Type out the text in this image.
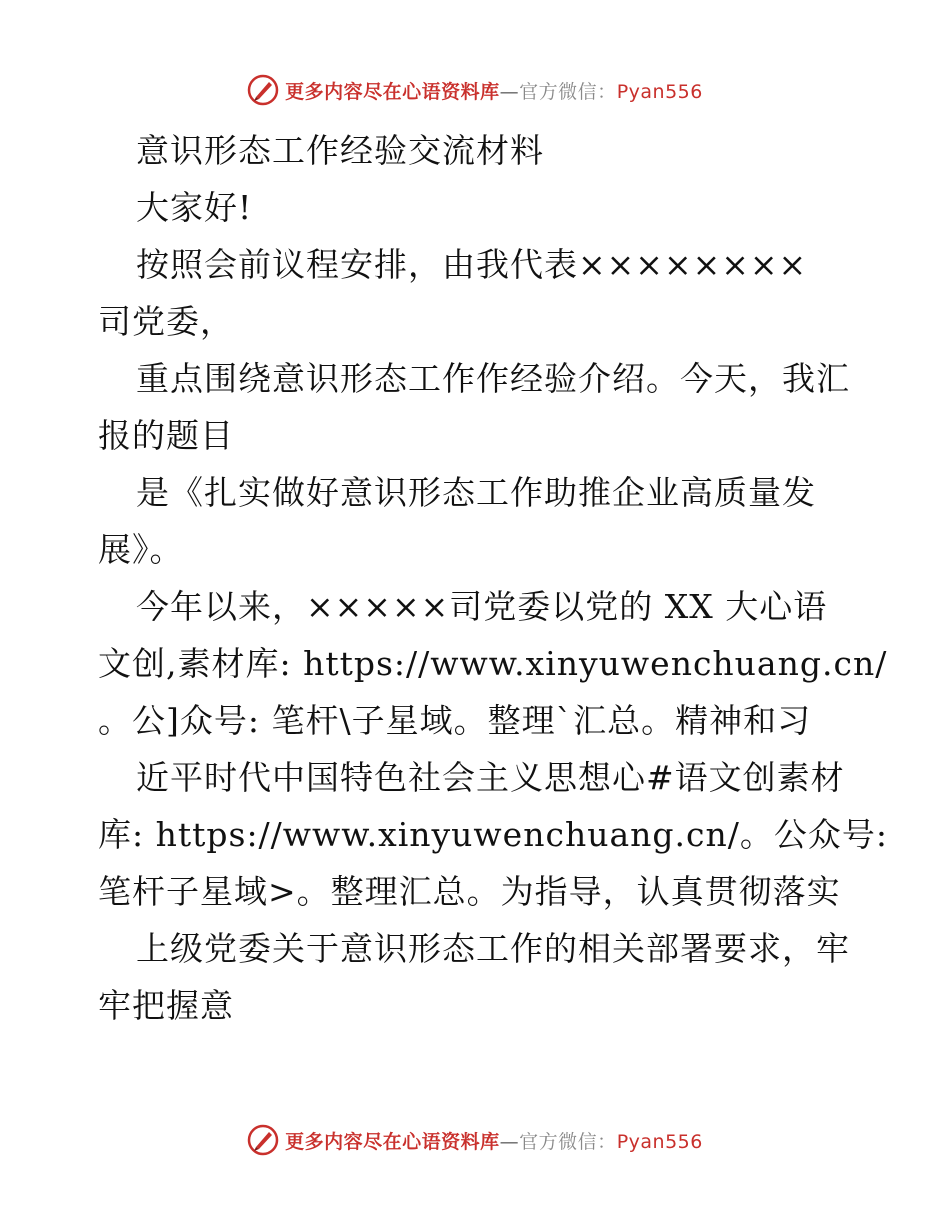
更多内容尽在心语资料库—官方微信：Pyan556
意识形态工作经验交流材料
大家好!
按照会前议程安排，由我代表××××××××
司党委，
重点围绕意识形态工作作经验介绍。今天，我汇
报的题目
是《扎实做好意识形态工作助推企业高质量发
展》。
今年以来，×××××司党委以党的 XX 大心语
文创,素材库: https://www.xinyuwenchuang.cn/
。公]众号: 笔杆\子星域。整理`汇总。精神和习
近平时代中国特色社会主义思想心#语文创素材
库: https://www.xinyuwenchuang.cn/。公众号:
笔杆子星域>。整理汇总。为指导，认真贯彻落实
上级党委关于意识形态工作的相关部署要求，牢
牢把握意
更多内容尽在心语资料库—官方微信：Pyan556
